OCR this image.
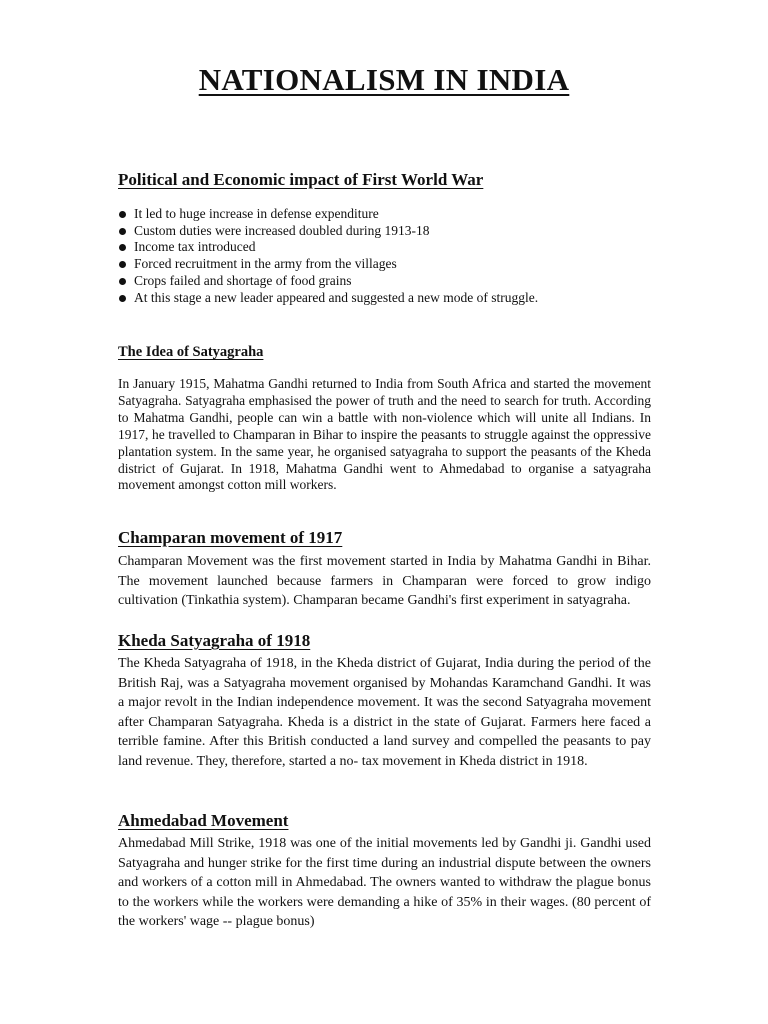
NATIONALISM IN INDIA
Political and Economic impact of First World War
It led to huge increase in defense expenditure
Custom duties were increased doubled during 1913-18
Income tax introduced
Forced recruitment in the army from the villages
Crops failed and shortage of food grains
At this stage a new leader appeared and suggested a new mode of struggle.
The Idea of Satyagraha

In January 1915, Mahatma Gandhi returned to India from South Africa and started the movement Satyagraha. Satyagraha emphasised the power of truth and the need to search for truth. According to Mahatma Gandhi, people can win a battle with non-violence which will unite all Indians. In 1917, he travelled to Champaran in Bihar to inspire the peasants to struggle against the oppressive plantation system. In the same year, he organised satyagraha to support the peasants of the Kheda district of Gujarat. In 1918, Mahatma Gandhi went to Ahmedabad to organise a satyagraha movement amongst cotton mill workers.

Champaran movement of 1917

Champaran Movement was the first movement started in India by Mahatma Gandhi in Bihar. The movement launched because farmers in Champaran were forced to grow indigo cultivation (Tinkathia system). Champaran became Gandhi's first experiment in satyagraha.

Kheda Satyagraha of 1918

The Kheda Satyagraha of 1918, in the Kheda district of Gujarat, India during the period of the British Raj, was a Satyagraha movement organised by Mohandas Karamchand Gandhi. It was a major revolt in the Indian independence movement. It was the second Satyagraha movement after Champaran Satyagraha. Kheda is a district in the state of Gujarat. Farmers here faced a terrible famine. After this British conducted a land survey and compelled the peasants to pay land revenue. They, therefore, started a no- tax movement in Kheda district in 1918.

Ahmedabad Movement

Ahmedabad Mill Strike, 1918 was one of the initial movements led by Gandhi ji. Gandhi used Satyagraha and hunger strike for the first time during an industrial dispute between the owners and workers of a cotton mill in Ahmedabad. The owners wanted to withdraw the plague bonus to the workers while the workers were demanding a hike of 35% in their wages. (80 percent of the workers' wage -- plague bonus)
